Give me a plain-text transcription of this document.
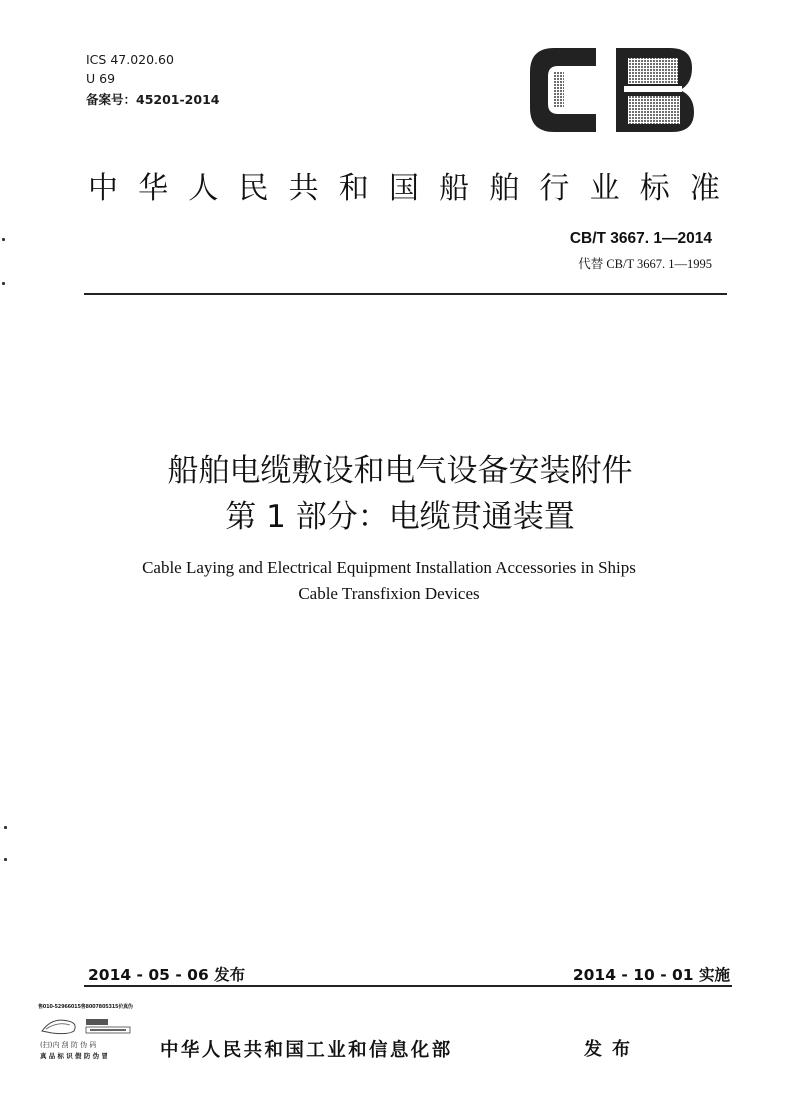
ICS 47.020.60
U 69
备案号：45201-2014
中 华 人 民 共 和 国 船 舶 行 业 标 准
CB/T 3667. 1—2014
代替 CB/T 3667. 1—1995
船舶电缆敷设和电气设备安装附件
第 1 部分：电缆贯通装置
Cable Laying and Electrical Equipment Installation Accessories in Ships
Cable Transfixion Devices
2014 - 05 - 06 发布	2014 - 10 - 01 实施
售010-52966015售8007805315价真伪
(扫)内 刮 防 伪 码
真 品 标 识 假 防 伪 冒	中华人民共和国工业和信息化部	发布
